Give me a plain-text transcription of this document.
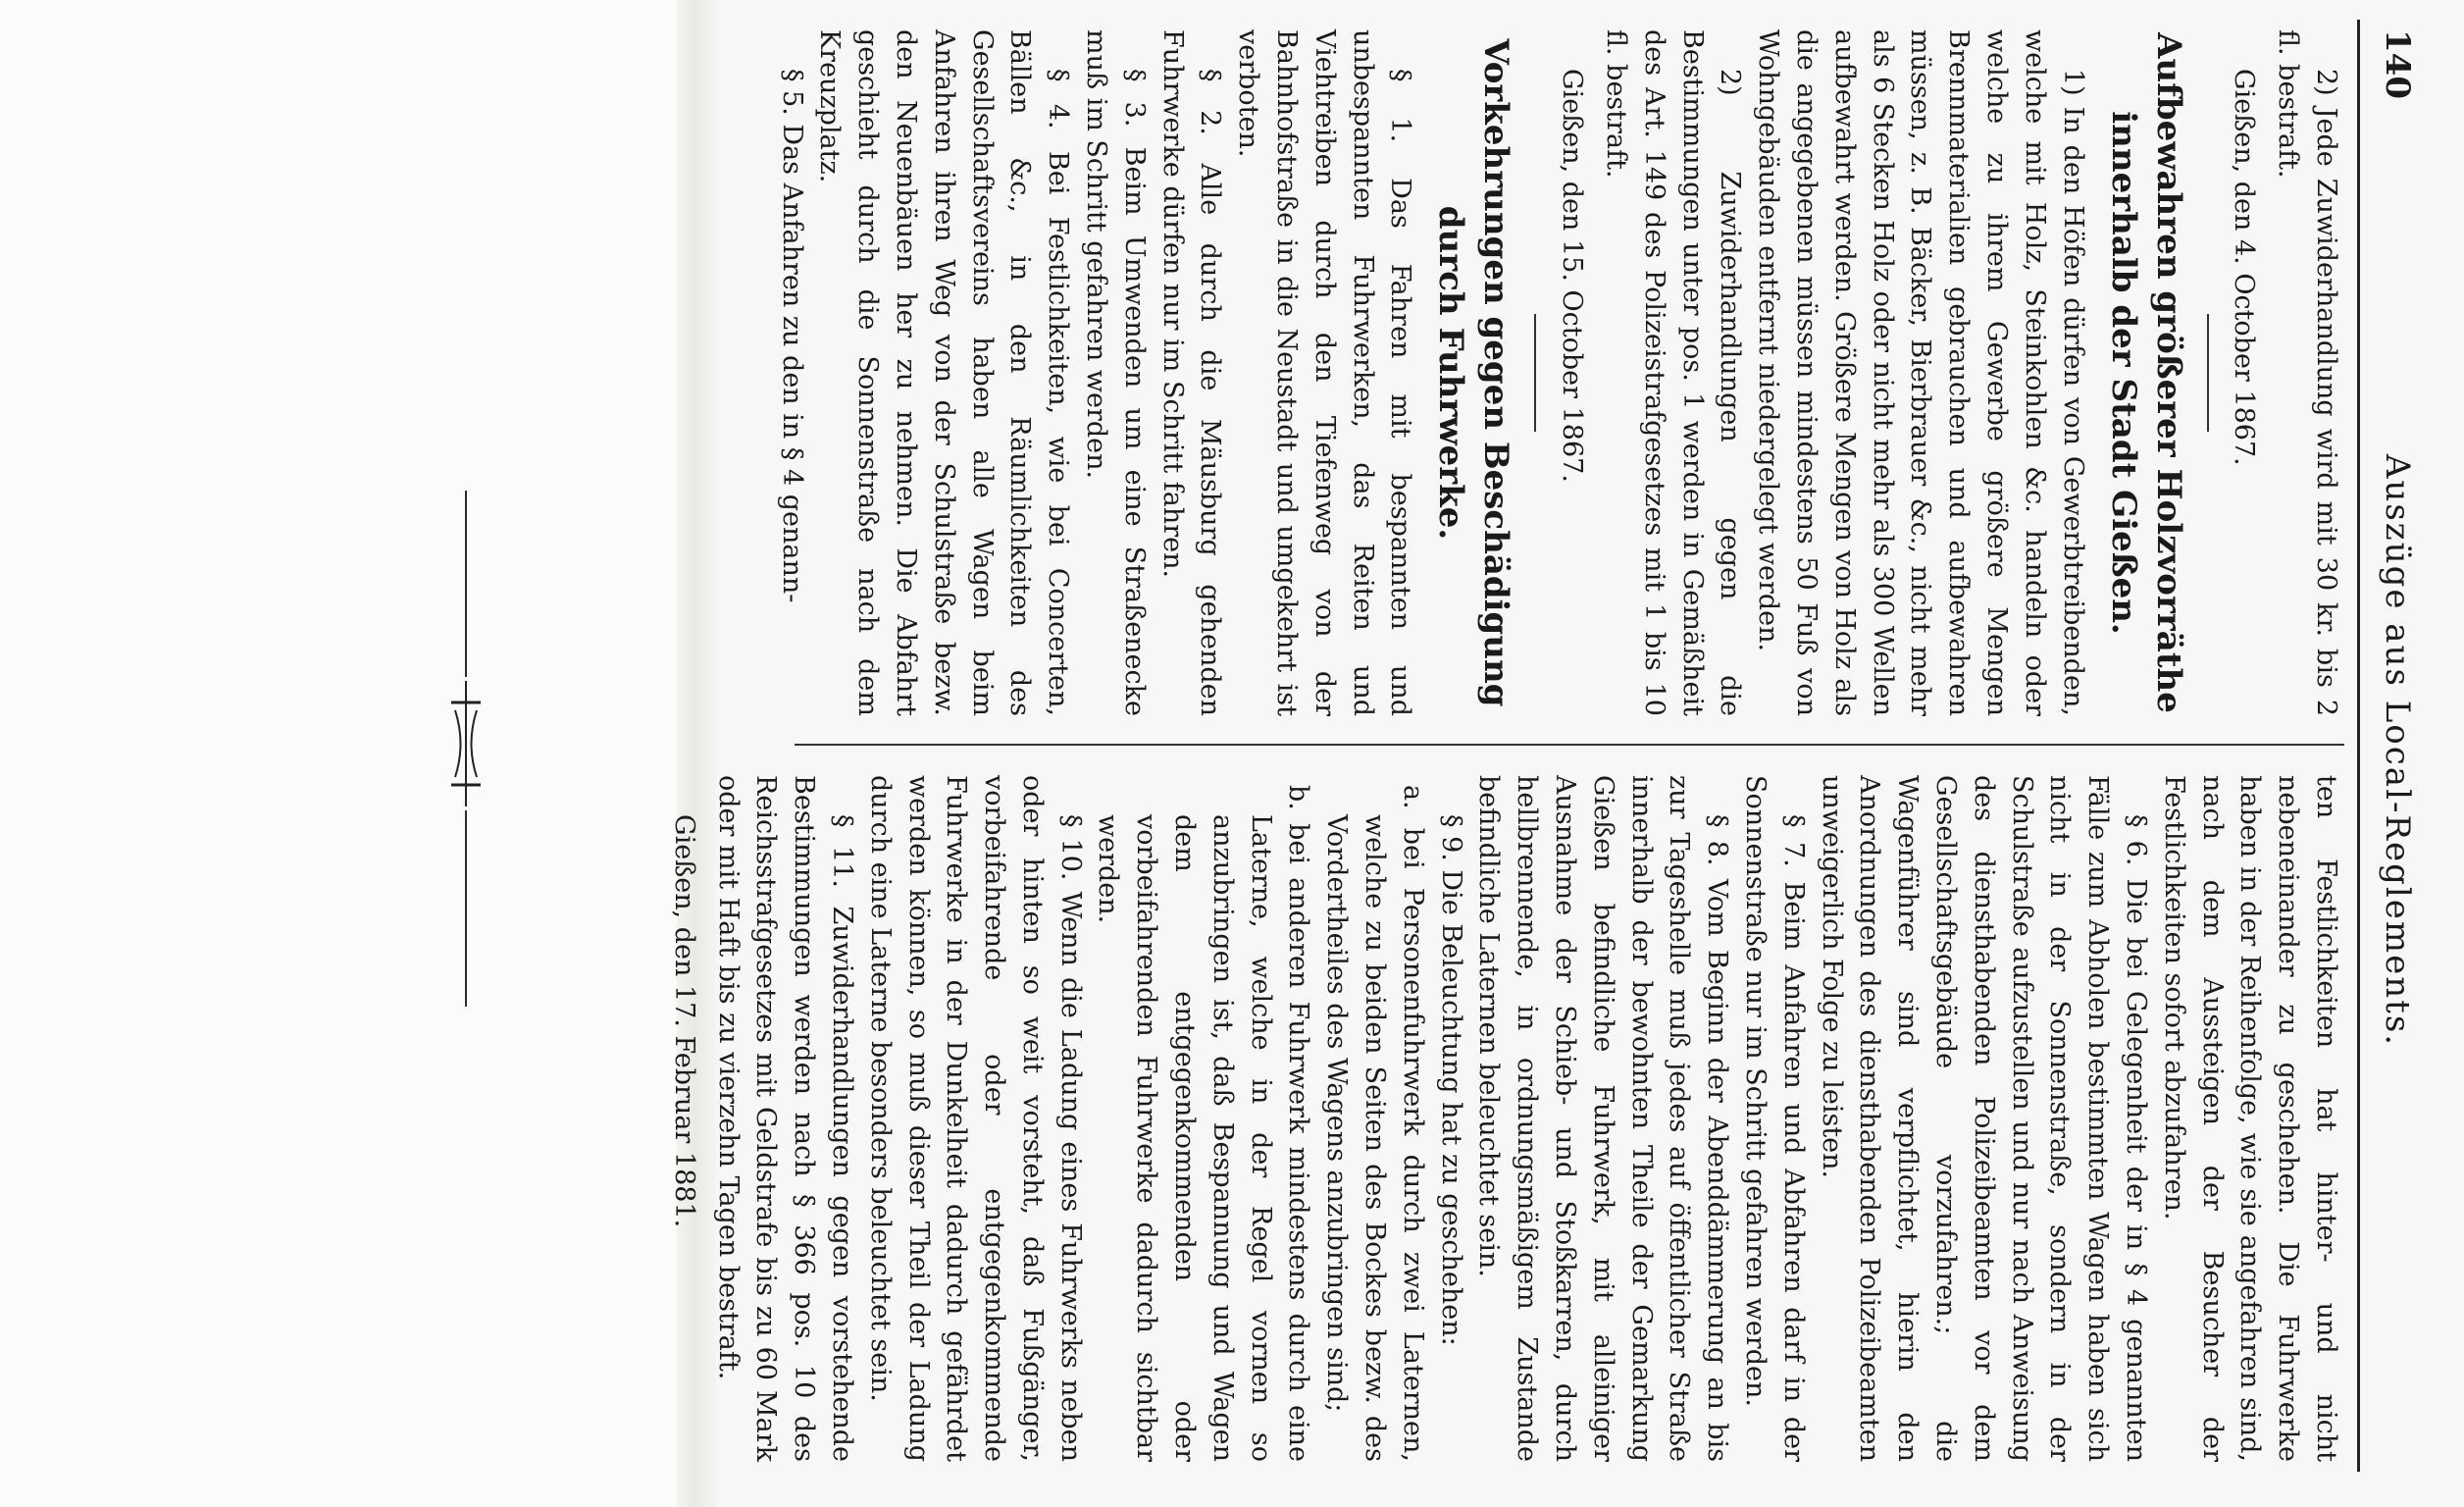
140
Auszüge aus Local-Reglements.

2) Jede Zuwiderhandlung wird mit 30 kr. bis 2 fl. bestraft.

Gießen, den 4. October 1867.

Aufbewahren größerer Holzvorräthe innerhalb der Stadt Gießen.

1) In den Höfen dürfen von Gewerbtreibenden, welche mit Holz, Steinkohlen &c. handeln oder welche zu ihrem Gewerbe größere Mengen Brennmaterialien gebrauchen und aufbewahren müssen, z. B. Bäcker, Bierbrauer &c., nicht mehr als 6 Stecken Holz oder nicht mehr als 300 Wellen aufbewahrt werden. Größere Mengen von Holz als die angegebenen müssen mindestens 50 Fuß von Wohngebäuden entfernt niedergelegt werden.

2) Zuwiderhandlungen gegen die Bestimmungen unter pos. 1 werden in Gemäßheit des Art. 149 des Polizeistrafgesetzes mit 1 bis 10 fl. bestraft.

Gießen, den 15. October 1867.

Vorkehrungen gegen Beschädigung durch Fuhrwerke.

§ 1. Das Fahren mit bespannten und unbespannten Fuhrwerken, das Reiten und Viehtreiben durch den Tiefenweg von der Bahnhofstraße in die Neustadt und umgekehrt ist verboten.

§ 2. Alle durch die Mäusburg gehenden Fuhrwerke dürfen nur im Schritt fahren.

§ 3. Beim Umwenden um eine Straßenecke muß im Schritt gefahren werden.

§ 4. Bei Festlichkeiten, wie bei Concerten, Bällen &c., in den Räumlichkeiten des Gesellschaftsvereins haben alle Wagen beim Anfahren ihren Weg von der Schulstraße bezw. den Neuenbäuen her zu nehmen. Die Abfahrt geschieht durch die Sonnenstraße nach dem Kreuzplatz.

§ 5. Das Anfahren zu den in § 4 genann-

ten Festlichkeiten hat hinter- und nicht nebeneinander zu geschehen. Die Fuhrwerke haben in der Reihenfolge, wie sie angefahren sind, nach dem Aussteigen der Besucher der Festlichkeiten sofort abzufahren.

§ 6. Die bei Gelegenheit der in § 4 genannten Fälle zum Abholen bestimmten Wagen haben sich nicht in der Sonnenstraße, sondern in der Schulstraße aufzustellen und nur nach Anweisung des diensthabenden Polizeibeamten vor dem Gesellschaftsgebäude vorzufahren.; die Wagenführer sind verpflichtet, hierin den Anordnungen des diensthabenden Polizeibeamten unweigerlich Folge zu leisten.

§ 7. Beim Anfahren und Abfahren darf in der Sonnenstraße nur im Schritt gefahren werden.

§ 8. Vom Beginn der Abenddämmerung an bis zur Tageshelle muß jedes auf öffentlicher Straße innerhalb der bewohnten Theile der Gemarkung Gießen befindliche Fuhrwerk, mit alleiniger Ausnahme der Schieb- und Stoßkarren, durch hellbrennende, in ordnungsmäßigem Zustande befindliche Laternen beleuchtet sein.

§ 9. Die Beleuchtung hat zu geschehen:

a. bei Personenfuhrwerk durch zwei Laternen, welche zu beiden Seiten des Bockes bezw. des Vordertheiles des Wagens anzubringen sind;

b. bei anderen Fuhrwerk mindestens durch eine Laterne, welche in der Regel vornen so anzubringen ist, daß Bespannung und Wagen dem entgegenkommenden oder vorbeifahrenden Fuhrwerke dadurch sichtbar werden.

§ 10. Wenn die Ladung eines Fuhrwerks neben oder hinten so weit vorsteht, daß Fußgänger, vorbeifahrende oder entgegenkommende Fuhrwerke in der Dunkelheit dadurch gefährdet werden können, so muß dieser Theil der Ladung durch eine Laterne besonders beleuchtet sein.

§ 11. Zuwiderhandlungen gegen vorstehende Bestimmungen werden nach § 366 pos. 10 des Reichsstrafgesetzes mit Geldstrafe bis zu 60 Mark oder mit Haft bis zu vierzehn Tagen bestraft.

Gießen, den 17. Februar 1881.
